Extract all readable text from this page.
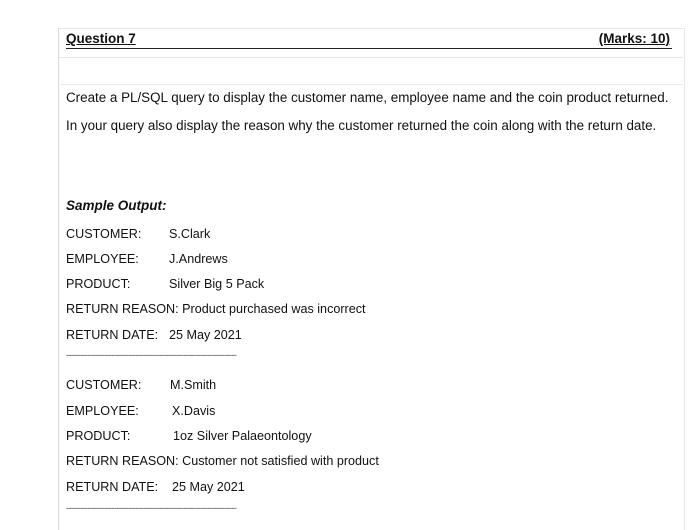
Question 7	(Marks: 10)

Create a PL/SQL query to display the customer name, employee name and the coin product returned. In your query also display the reason why the customer returned the coin along with the return date.

Sample Output:
CUSTOMER: S.Clark
EMPLOYEE: J.Andrews
PRODUCT:	Silver Big 5 Pack
RETURN REASON: Product purchased was incorrect
RETURN DATE: 25 May 2021
-----------------------------------------------------------------------
CUSTOMER: M.Smith
EMPLOYEE:	X.Davis
PRODUCT:	1oz Silver Palaeontology
RETURN REASON: Customer not satisfied with product
RETURN DATE: 25 May 2021
-----------------------------------------------------------------------
